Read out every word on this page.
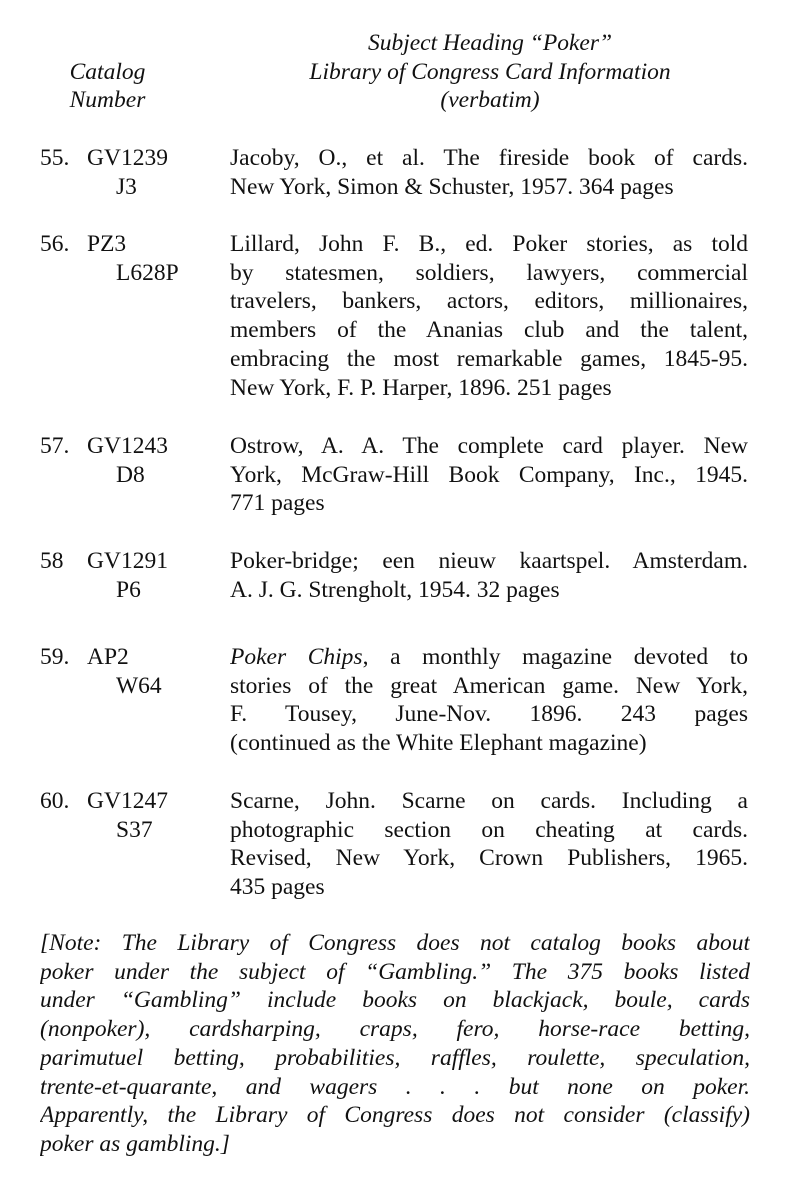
Catalog
Number
Subject Heading “Poker”
Library of Congress Card Information
(verbatim)
55. GV1239
J3
Jacoby, O., et al. The fireside book of cards.
New York, Simon & Schuster, 1957. 364 pages
56. PZ3
L628P
Lillard, John F. B., ed. Poker stories, as told
by statesmen, soldiers, lawyers, commercial
travelers, bankers, actors, editors, millionaires,
members of the Ananias club and the talent,
embracing the most remarkable games, 1845-95.
New York, F. P. Harper, 1896. 251 pages
57. GV1243
D8
Ostrow, A. A. The complete card player. New
York, McGraw-Hill Book Company, Inc., 1945.
771 pages
58 GV1291
P6
Poker-bridge; een nieuw kaartspel. Amsterdam.
A. J. G. Strengholt, 1954. 32 pages
59. AP2
W64
Poker Chips, a monthly magazine devoted to
stories of the great American game. New York,
F. Tousey, June-Nov. 1896. 243 pages
(continued as the White Elephant magazine)
60. GV1247
S37
Scarne, John. Scarne on cards. Including a
photographic section on cheating at cards.
Revised, New York, Crown Publishers, 1965.
435 pages
[Note: The Library of Congress does not catalog books about
poker under the subject of “Gambling.” The 375 books listed
under “Gambling” include books on blackjack, boule, cards
(nonpoker), cardsharping, craps, fero, horse-race betting,
parimutuel betting, probabilities, raffles, roulette, speculation,
trente-et-quarante, and wagers . . . but none on poker.
Apparently, the Library of Congress does not consider (classify)
poker as gambling.]
